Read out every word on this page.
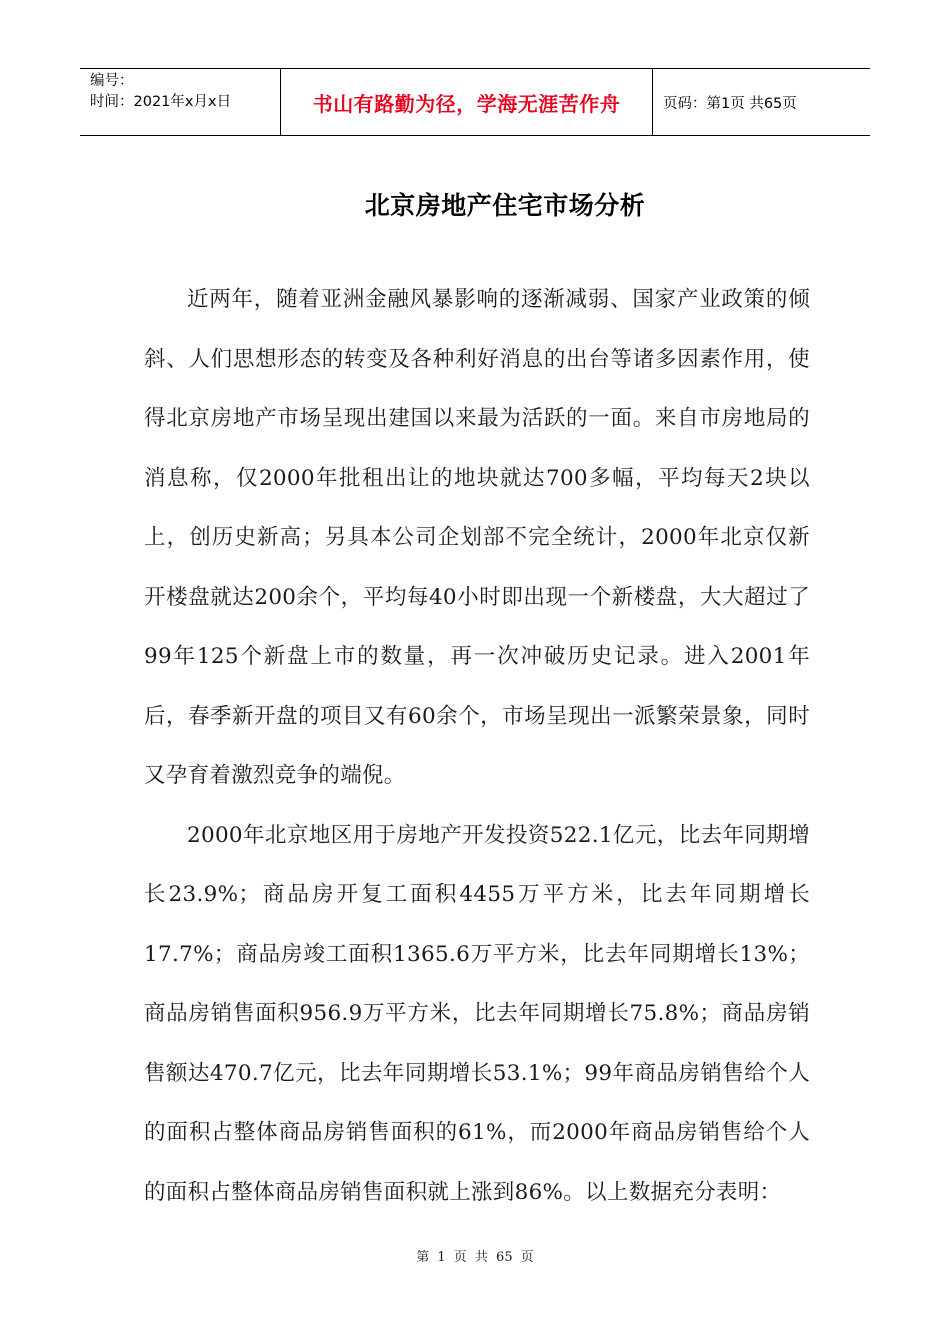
编号：
时间：2021年x月x日	书山有路勤为径，学海无涯苦作舟	页码：第1页 共65页
北京房地产住宅市场分析

近两年，随着亚洲金融风暴影响的逐渐减弱、国家产业政策的倾斜、人们思想形态的转变及各种利好消息的出台等诸多因素作用，使得北京房地产市场呈现出建国以来最为活跃的一面。来自市房地局的消息称，仅2000年批租出让的地块就达700多幅，平均每天2块以上，创历史新高；另具本公司企划部不完全统计，2000年北京仅新开楼盘就达200余个，平均每40小时即出现一个新楼盘，大大超过了99年125个新盘上市的数量，再一次冲破历史记录。进入2001年后，春季新开盘的项目又有60余个，市场呈现出一派繁荣景象，同时又孕育着激烈竞争的端倪。

2000年北京地区用于房地产开发投资522.1亿元，比去年同期增长23.9%；商品房开复工面积4455万平方米，比去年同期增长17.7%；商品房竣工面积1365.6万平方米，比去年同期增长13%；商品房销售面积956.9万平方米，比去年同期增长75.8%；商品房销售额达470.7亿元，比去年同期增长53.1%；99年商品房销售给个人的面积占整体商品房销售面积的61%，而2000年商品房销售给个人的面积占整体商品房销售面积就上涨到86%。以上数据充分表明：

第 1 页 共 65 页
